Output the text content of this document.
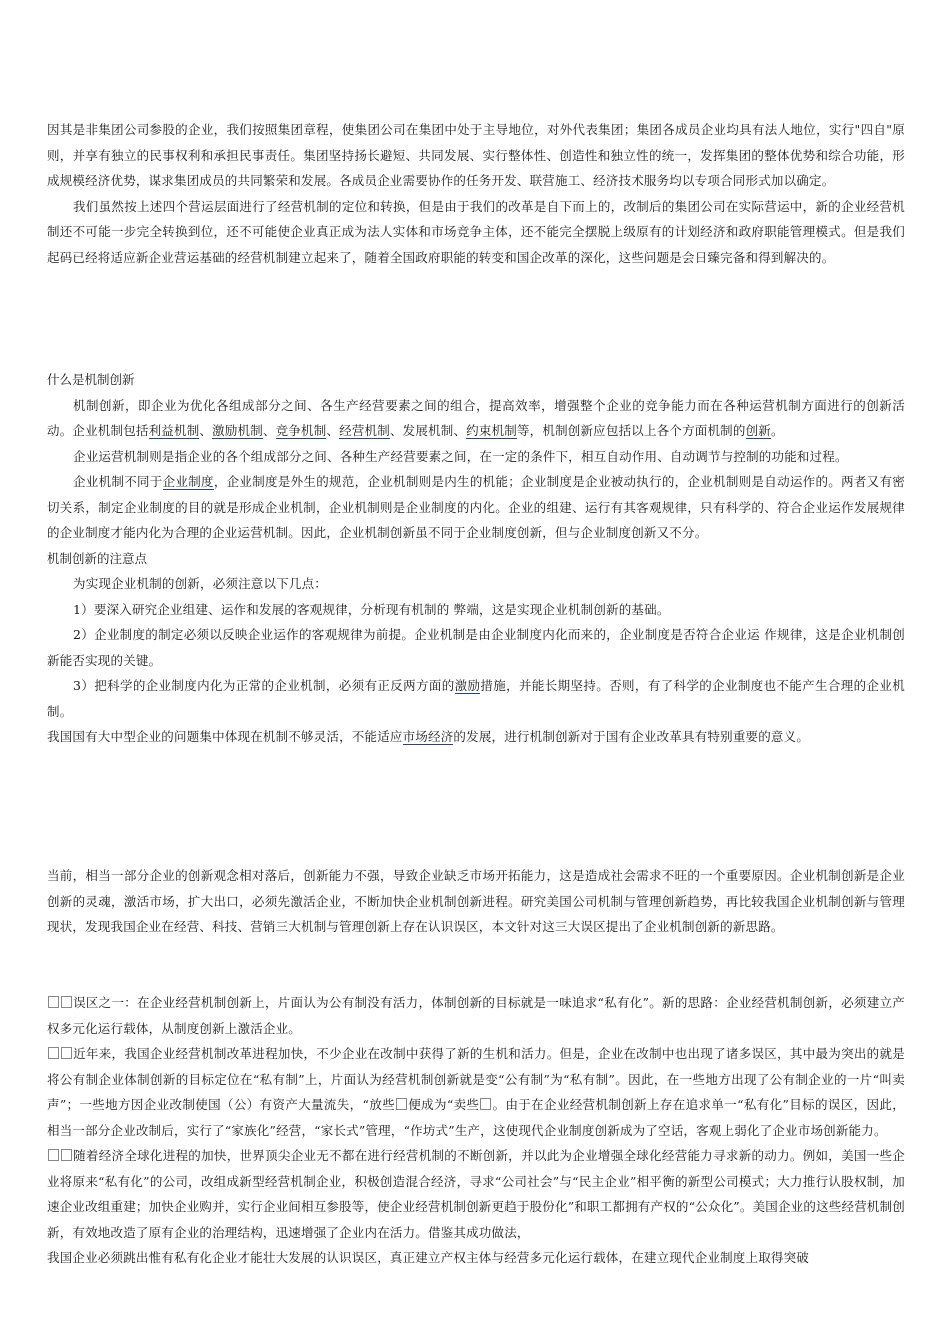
因其是非集团公司参股的企业，我们按照集团章程，使集团公司在集团中处于主导地位，对外代表集团；集团各成员企业均具有法人地位，实行"四自"原则，并享有独立的民事权利和承担民事责任。集团坚持扬长避短、共同发展、实行整体性、创造性和独立性的统一，发挥集团的整体优势和综合功能，形成规模经济优势，谋求集团成员的共同繁荣和发展。各成员企业需要协作的任务开发、联营施工、经济技术服务均以专项合同形式加以确定。

我们虽然按上述四个营运层面进行了经营机制的定位和转换，但是由于我们的改革是自下而上的，改制后的集团公司在实际营运中，新的企业经营机制还不可能一步完全转换到位，还不可能使企业真正成为法人实体和市场竞争主体，还不能完全摆脱上级原有的计划经济和政府职能管理模式。但是我们起码已经将适应新企业营运基础的经营机制建立起来了，随着全国政府职能的转变和国企改革的深化，这些问题是会日臻完备和得到解决的。

什么是机制创新

机制创新，即企业为优化各组成部分之间、各生产经营要素之间的组合，提高效率，增强整个企业的竞争能力而在各种运营机制方面进行的创新活动。企业机制包括利益机制、激励机制、竞争机制、经营机制、发展机制、约束机制等，机制创新应包括以上各个方面机制的创新。

企业运营机制则是指企业的各个组成部分之间、各种生产经营要素之间，在一定的条件下，相互自动作用、自动调节与控制的功能和过程。

企业机制不同于企业制度，企业制度是外生的规范，企业机制则是内生的机能；企业制度是企业被动执行的，企业机制则是自动运作的。两者又有密切关系，制定企业制度的目的就是形成企业机制，企业机制则是企业制度的内化。企业的组建、运行有其客观规律，只有科学的、符合企业运作发展规律的企业制度才能内化为合理的企业运营机制。因此，企业机制创新虽不同于企业制度创新，但与企业制度创新又不分。

机制创新的注意点

为实现企业机制的创新，必须注意以下几点：

1）要深入研究企业组建、运作和发展的客观规律，分析现有机制的 弊端，这是实现企业机制创新的基础。

2）企业制度的制定必须以反映企业运作的客观规律为前提。企业机制是由企业制度内化而来的，企业制度是否符合企业运 作规律，这是企业机制创新能否实现的关键。

3）把科学的企业制度内化为正常的企业机制，必须有正反两方面的激励措施，并能长期坚持。否则，有了科学的企业制度也不能产生合理的企业机制。

我国国有大中型企业的问题集中体现在机制不够灵活，不能适应市场经济的发展，进行机制创新对于国有企业改革具有特别重要的意义。

当前，相当一部分企业的创新观念相对落后，创新能力不强，导致企业缺乏市场开拓能力，这是造成社会需求不旺的一个重要原因。企业机制创新是企业创新的灵魂，激活市场，扩大出口，必须先激活企业，不断加快企业机制创新进程。研究美国公司机制与管理创新趋势，再比较我国企业机制创新与管理现状，发现我国企业在经营、科技、营销三大机制与管理创新上存在认识误区，本文针对这三大误区提出了企业机制创新的新思路。

误区之一：在企业经营机制创新上，片面认为公有制没有活力，体制创新的目标就是一味追求“私有化”。新的思路：企业经营机制创新，必须建立产权多元化运行载体，从制度创新上激活企业。

近年来，我国企业经营机制改革进程加快，不少企业在改制中获得了新的生机和活力。但是，企业在改制中也出现了诸多误区，其中最为突出的就是将公有制企业体制创新的目标定位在“私有制”上，片面认为经营机制创新就是变“公有制”为“私有制”。因此，在一些地方出现了公有制企业的一片“叫卖声”；一些地方因企业改制使国（公）有资产大量流失，“放些 便成为“卖些 。由于在企业经营机制创新上存在追求单一“私有化”目标的误区，因此，相当一部分企业改制后，实行了“家族化”经营，“家长式”管理，“作坊式”生产，这使现代企业制度创新成为了空话，客观上弱化了企业市场创新能力。

随着经济全球化进程的加快，世界顶尖企业无不都在进行经营机制的不断创新，并以此为企业增强全球化经营能力寻求新的动力。例如，美国一些企业将原来“私有化”的公司，改组成新型经营机制企业，积极创造混合经济，寻求“公司社会”与“民主企业”相平衡的新型公司模式；大力推行认股权制，加速企业改组重建；加快企业购并，实行企业间相互参股等，使企业经营机制创新更趋于股份化”和职工都拥有产权的“公众化”。美国企业的这些经营机制创新，有效地改造了原有企业的治理结构，迅速增强了企业内在活力。借鉴其成功做法，

我国企业必须跳出惟有私有化企业才能壮大发展的认识误区，真正建立产权主体与经营多元化运行载体，在建立现代企业制度上取得突破
